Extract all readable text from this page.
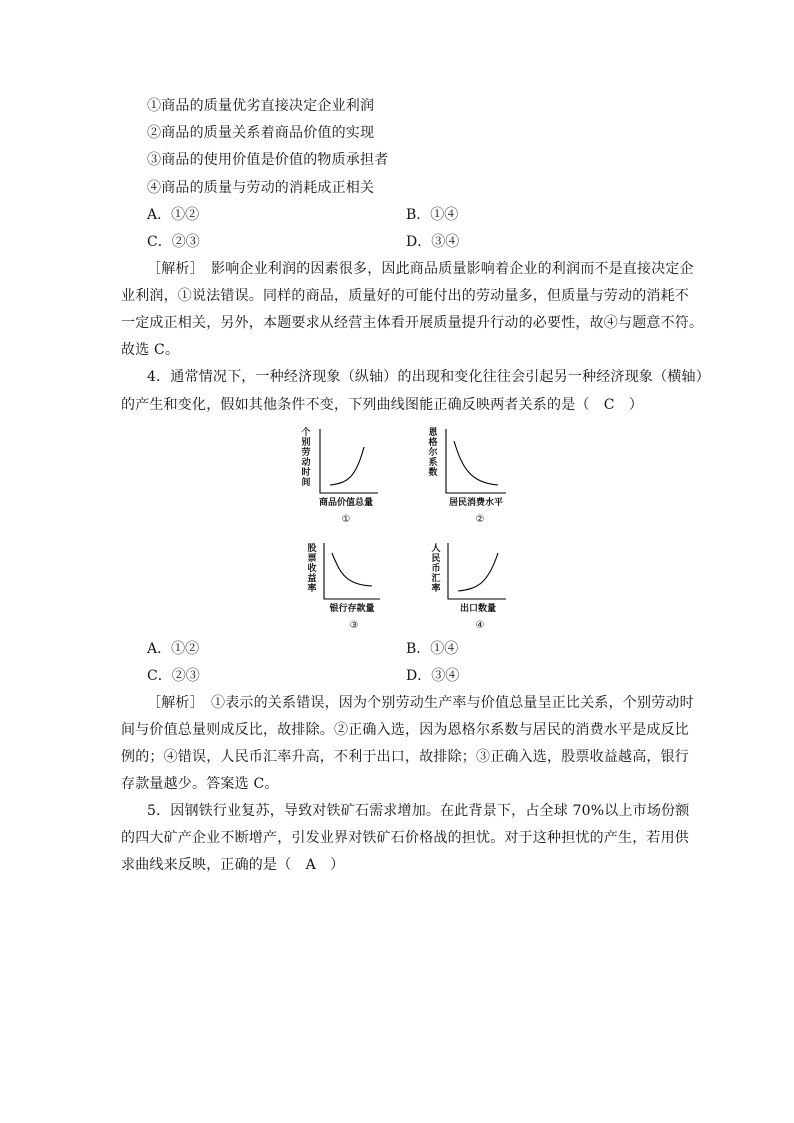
①商品的质量优劣直接决定企业利润
②商品的质量关系着商品价值的实现
③商品的使用价值是价值的物质承担者
④商品的质量与劳动的消耗成正相关
A．①②	B．①④
C．②③	D．③④
［解析］　影响企业利润的因素很多，因此商品质量影响着企业的利润而不是直接决定企
业利润，①说法错误。同样的商品，质量好的可能付出的劳动量多，但质量与劳动的消耗不
一定成正相关，另外，本题要求从经营主体看开展质量提升行动的必要性，故④与题意不符。
故选 C。
4．通常情况下，一种经济现象（纵轴）的出现和变化往往会引起另一种经济现象（横轴）
的产生和变化，假如其他条件不变，下列曲线图能正确反映两者关系的是（　C　）
个
别
劳
动
时
间
商品价值总量
①
恩
格
尔
系
数
居民消费水平
②
股
票
收
益
率
银行存款量
③
人
民
币
汇
率
出口数量
④
A．①②	B．①④
C．②③	D．③④
［解析］　①表示的关系错误，因为个别劳动生产率与价值总量呈正比关系，个别劳动时
间与价值总量则成反比，故排除。②正确入选，因为恩格尔系数与居民的消费水平是成反比
例的；④错误，人民币汇率升高，不利于出口，故排除；③正确入选，股票收益越高，银行
存款量越少。答案选 C。
5．因钢铁行业复苏，导致对铁矿石需求增加。在此背景下，占全球 70%以上市场份额
的四大矿产企业不断增产，引发业界对铁矿石价格战的担忧。对于这种担忧的产生，若用供
求曲线来反映，正确的是（　A　）
